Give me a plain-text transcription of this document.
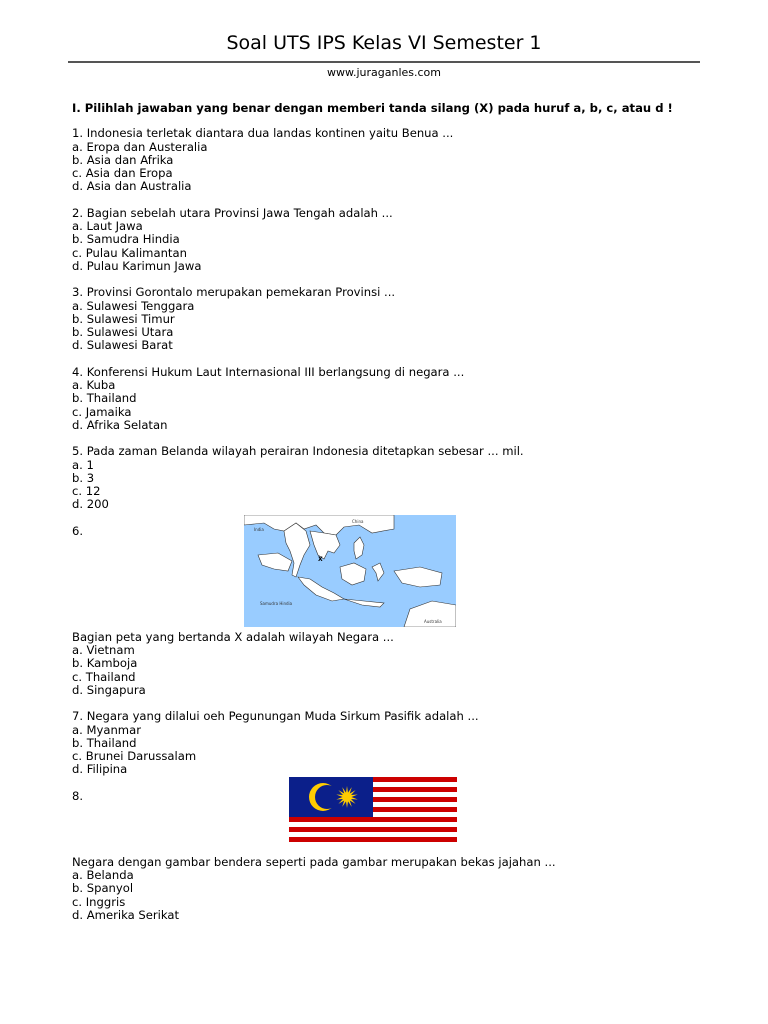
Soal UTS IPS Kelas VI Semester 1
www.juraganles.com
I. Pilihlah jawaban yang benar dengan memberi tanda silang (X) pada huruf a, b, c, atau d !
1. Indonesia terletak diantara dua landas kontinen yaitu Benua ...
a. Eropa dan Austeralia
b. Asia dan Afrika
c. Asia dan Eropa
d. Asia dan Australia
2. Bagian sebelah utara Provinsi Jawa Tengah adalah ...
a. Laut Jawa
b. Samudra Hindia
c. Pulau Kalimantan
d. Pulau Karimun Jawa
3. Provinsi Gorontalo merupakan pemekaran Provinsi ...
a. Sulawesi Tenggara
b. Sulawesi Timur
b. Sulawesi Utara
d. Sulawesi Barat
4. Konferensi Hukum Laut Internasional III berlangsung di negara ...
a. Kuba
b. Thailand
c. Jamaika
d. Afrika Selatan
5. Pada zaman Belanda wilayah perairan Indonesia ditetapkan sebesar ... mil.
a. 1
b. 3
c. 12
d. 200
6.
China
India
Samudra Hindia
Australia
X
Bagian peta yang bertanda X adalah wilayah Negara ...
a. Vietnam
b. Kamboja
c. Thailand
d. Singapura
7. Negara yang dilalui oeh Pegunungan Muda Sirkum Pasifik adalah ...
a. Myanmar
b. Thailand
c. Brunei Darussalam
d. Filipina
8.
Negara dengan gambar bendera seperti pada gambar merupakan bekas jajahan ...
a. Belanda
b. Spanyol
c. Inggris
d. Amerika Serikat
